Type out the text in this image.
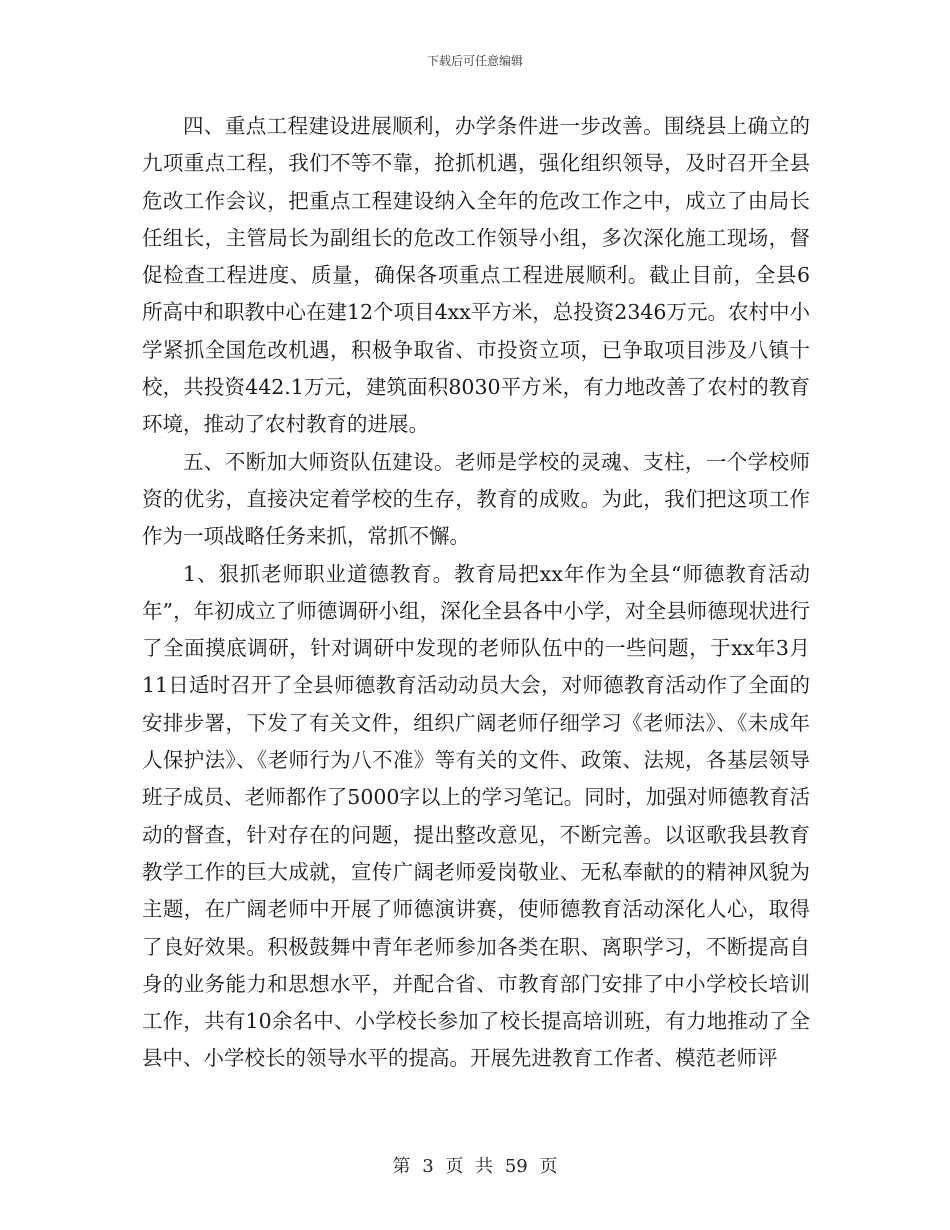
下载后可任意编辑

四、重点工程建设进展顺利，办学条件进一步改善。围绕县上确立的九项重点工程，我们不等不靠，抢抓机遇，强化组织领导，及时召开全县危改工作会议，把重点工程建设纳入全年的危改工作之中，成立了由局长任组长，主管局长为副组长的危改工作领导小组，多次深化施工现场，督促检查工程进度、质量，确保各项重点工程进展顺利。截止目前，全县6所高中和职教中心在建12个项目4xx平方米，总投资2346万元。农村中小学紧抓全国危改机遇，积极争取省、市投资立项，已争取项目涉及八镇十校，共投资442.1万元，建筑面积8030平方米，有力地改善了农村的教育环境，推动了农村教育的进展。

五、不断加大师资队伍建设。老师是学校的灵魂、支柱，一个学校师资的优劣，直接决定着学校的生存，教育的成败。为此，我们把这项工作作为一项战略任务来抓，常抓不懈。

1、狠抓老师职业道德教育。教育局把xx年作为全县“师德教育活动年”，年初成立了师德调研小组，深化全县各中小学，对全县师德现状进行了全面摸底调研，针对调研中发现的老师队伍中的一些问题，于xx年3月11日适时召开了全县师德教育活动动员大会，对师德教育活动作了全面的安排步署，下发了有关文件，组织广阔老师仔细学习《老师法》、《未成年人保护法》、《老师行为八不准》等有关的文件、政策、法规，各基层领导班子成员、老师都作了5000字以上的学习笔记。同时，加强对师德教育活动的督查，针对存在的问题，提出整改意见，不断完善。以讴歌我县教育教学工作的巨大成就，宣传广阔老师爱岗敬业、无私奉献的的精神风貌为主题，在广阔老师中开展了师德演讲赛，使师德教育活动深化人心，取得了良好效果。积极鼓舞中青年老师参加各类在职、离职学习，不断提高自身的业务能力和思想水平，并配合省、市教育部门安排了中小学校长培训工作，共有10余名中、小学校长参加了校长提高培训班，有力地推动了全县中、小学校长的领导水平的提高。开展先进教育工作者、模范老师评

第 3 页 共 59 页
